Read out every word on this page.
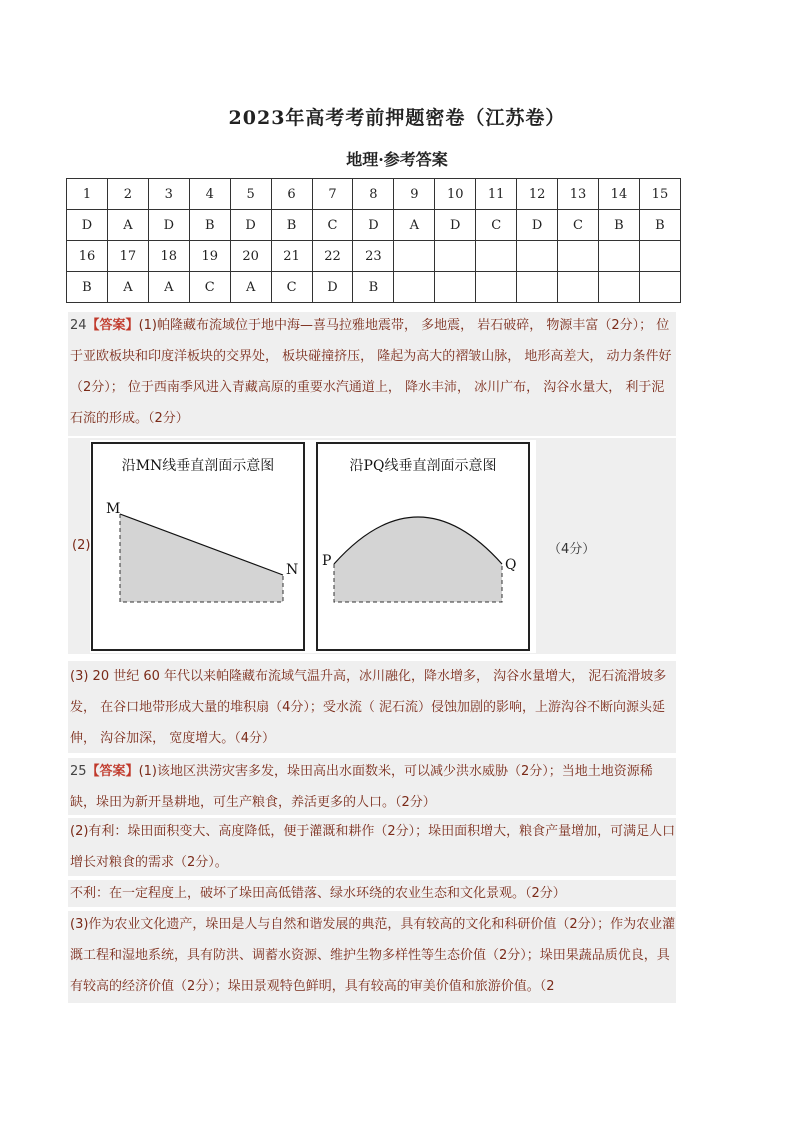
2023年高考考前押题密卷（江苏卷）
地理·参考答案
1	2	3	4	5	6	7	8	9	10	11	12	13	14	15
D	A	D	B	D	B	C	D	A	D	C	D	C	B	B
16	17	18	19	20	21	22	23							
B	A	A	C	A	C	D	B							

24【答案】(1)帕隆藏布流域位于地中海—喜马拉雅地震带， 多地震， 岩石破碎， 物源丰富（2分）； 位于亚欧板块和印度洋板块的交界处， 板块碰撞挤压， 隆起为高大的褶皱山脉， 地形高差大， 动力条件好（2分）； 位于西南季风进入青藏高原的重要水汽通道上， 降水丰沛， 冰川广布， 沟谷水量大， 利于泥石流的形成。（2分）

(2)
沿MN线垂直剖面示意图
M
N
沿PQ线垂直剖面示意图
P	Q
（4分）

(3) 20 世纪 60 年代以来帕隆藏布流域气温升高，冰川融化，降水增多， 沟谷水量增大， 泥石流滑坡多发， 在谷口地带形成大量的堆积扇（4分）；受水流（ 泥石流）侵蚀加剧的影响，上游沟谷不断向源头延伸， 沟谷加深， 宽度增大。（4分）

25【答案】(1)该地区洪涝灾害多发，垛田高出水面数米，可以减少洪水威胁（2分）；当地土地资源稀缺，垛田为新开垦耕地，可生产粮食，养活更多的人口。（2分）

(2)有利：垛田面积变大、高度降低，便于灌溉和耕作（2分）；垛田面积增大，粮食产量增加，可满足人口增长对粮食的需求（2分）。

不利：在一定程度上，破坏了垛田高低错落、绿水环绕的农业生态和文化景观。（2分）

(3)作为农业文化遗产，垛田是人与自然和谐发展的典范，具有较高的文化和科研价值（2分）；作为农业灌溉工程和湿地系统，具有防洪、调蓄水资源、维护生物多样性等生态价值（2分）；垛田果蔬品质优良，具有较高的经济价值（2分）；垛田景观特色鲜明，具有较高的审美价值和旅游价值。（2
